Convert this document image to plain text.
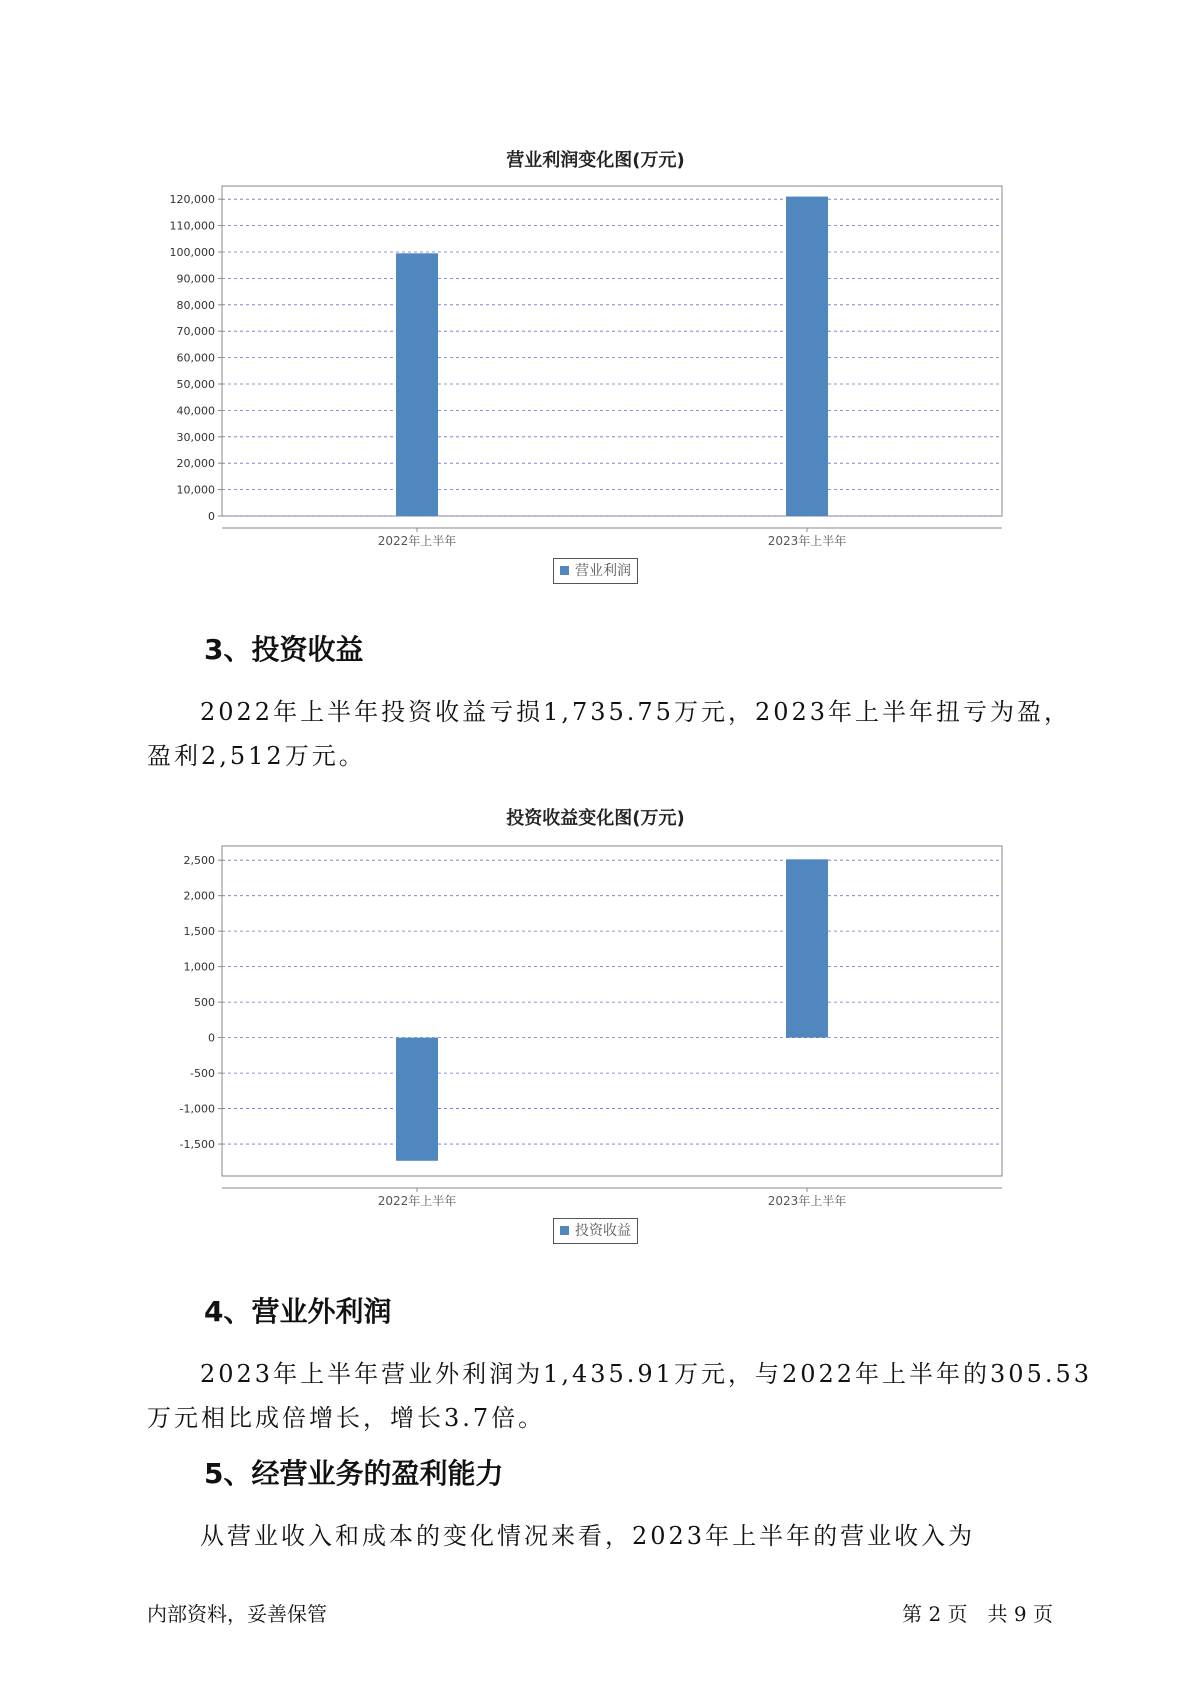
营业利润变化图(万元)
0
10,000
20,000
30,000
40,000
50,000
60,000
70,000
80,000
90,000
100,000
110,000
120,000
2022年上半年	2023年上半年
营业利润
3、投资收益
2022年上半年投资收益亏损1,735.75万元，2023年上半年扭亏为盈，
盈利2,512万元。
投资收益变化图(万元)
-1,500
-1,000
-500
0
500
1,000
1,500
2,000
2,500
2022年上半年	2023年上半年
投资收益
4、营业外利润
2023年上半年营业外利润为1,435.91万元，与2022年上半年的305.53
万元相比成倍增长，增长3.7倍。
5、经营业务的盈利能力
从营业收入和成本的变化情况来看，2023年上半年的营业收入为
内部资料，妥善保管	第 2 页　共 9 页
